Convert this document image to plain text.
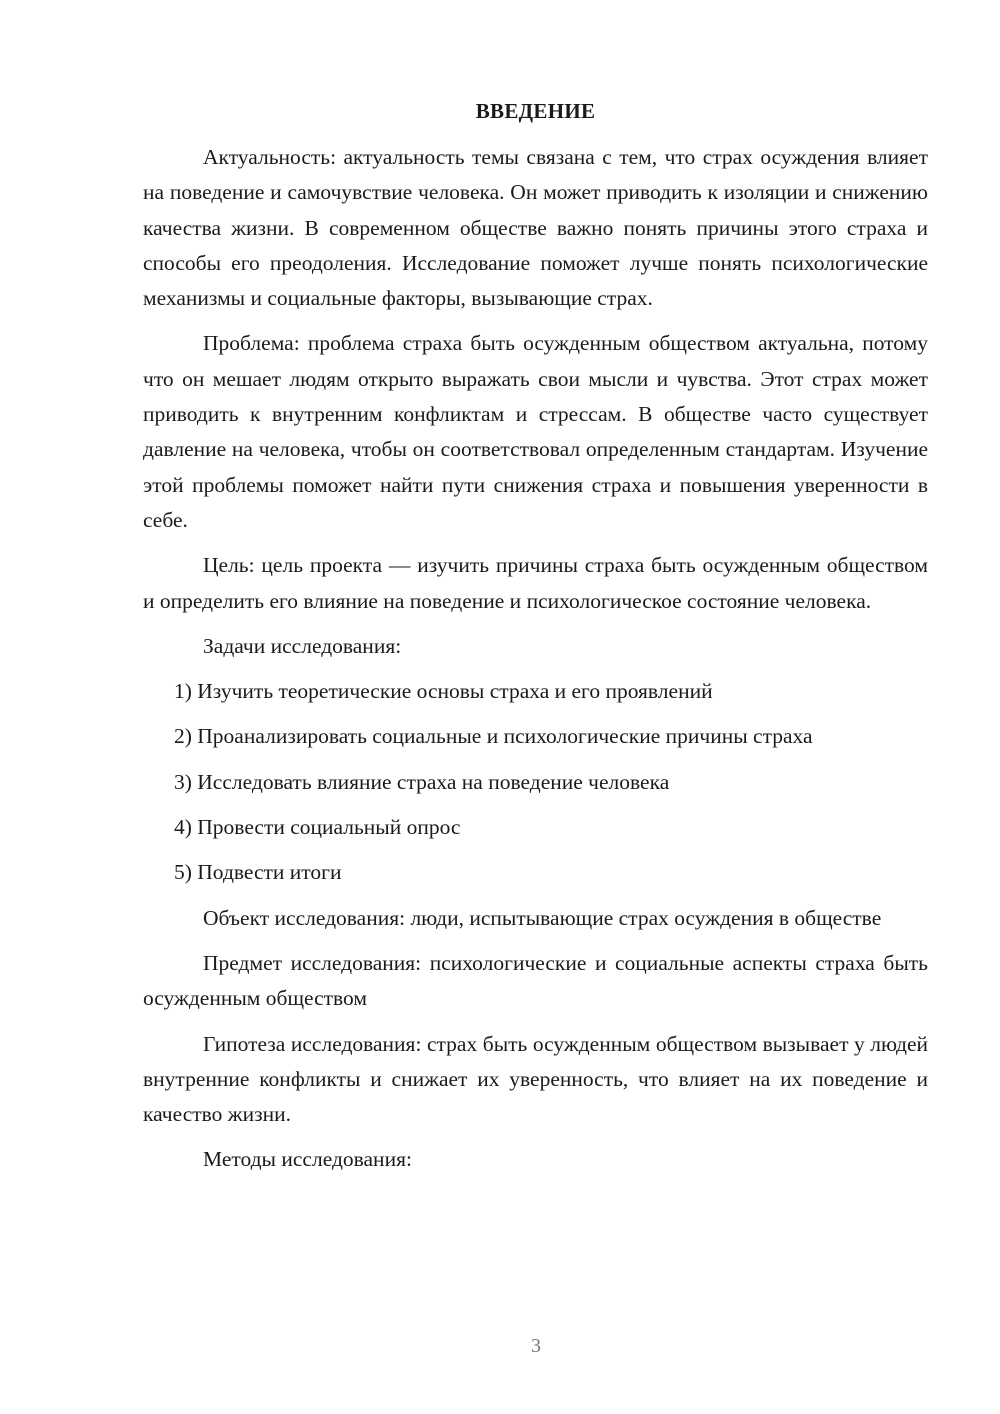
ВВЕДЕНИЕ

Актуальность: актуальность темы связана с тем, что страх осуждения влияет на поведение и самочувствие человека. Он может приводить к изоляции и снижению качества жизни. В современном обществе важно понять причины этого страха и способы его преодоления. Исследование поможет лучше понять психологические механизмы и социальные факторы, вызывающие страх.

Проблема: проблема страха быть осужденным обществом актуальна, потому что он мешает людям открыто выражать свои мысли и чувства. Этот страх может приводить к внутренним конфликтам и стрессам. В обществе часто существует давление на человека, чтобы он соответствовал определенным стандартам. Изучение этой проблемы поможет найти пути снижения страха и повышения уверенности в себе.

Цель: цель проекта — изучить причины страха быть осужденным обществом и определить его влияние на поведение и психологическое состояние человека.

Задачи исследования:

1) Изучить теоретические основы страха и его проявлений
2) Проанализировать социальные и психологические причины страха
3) Исследовать влияние страха на поведение человека
4) Провести социальный опрос
5) Подвести итоги

Объект исследования: люди, испытывающие страх осуждения в обществе

Предмет исследования: психологические и социальные аспекты страха быть осужденным обществом

Гипотеза исследования: страх быть осужденным обществом вызывает у людей внутренние конфликты и снижает их уверенность, что влияет на их поведение и качество жизни.

Методы исследования:

3
